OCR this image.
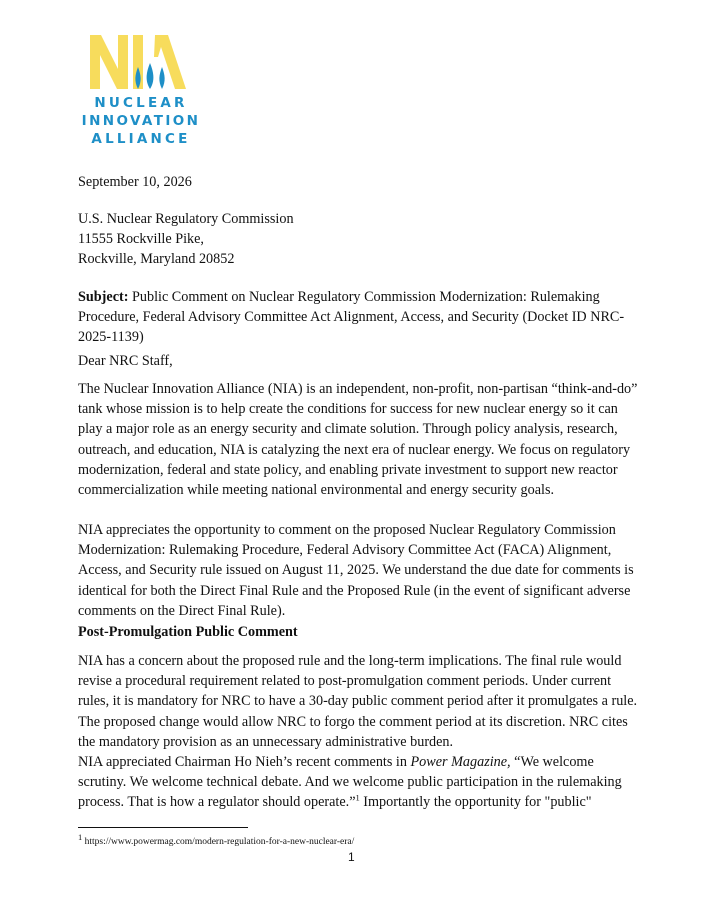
NUCLEAR
INNOVATION
ALLIANCE

September 10, 2026

U.S. Nuclear Regulatory Commission
11555 Rockville Pike,
Rockville, Maryland 20852

Subject: Public Comment on Nuclear Regulatory Commission Modernization: Rulemaking Procedure, Federal Advisory Committee Act Alignment, Access, and Security (Docket ID NRC-2025-1139)

Dear NRC Staff,

The Nuclear Innovation Alliance (NIA) is an independent, non-profit, non-partisan “think-and-do” tank whose mission is to help create the conditions for success for new nuclear energy so it can play a major role as an energy security and climate solution. Through policy analysis, research, outreach, and education, NIA is catalyzing the next era of nuclear energy. We focus on regulatory modernization, federal and state policy, and enabling private investment to support new reactor commercialization while meeting national environmental and energy security goals.

NIA appreciates the opportunity to comment on the proposed Nuclear Regulatory Commission Modernization: Rulemaking Procedure, Federal Advisory Committee Act (FACA) Alignment, Access, and Security rule issued on August 11, 2025. We understand the due date for comments is identical for both the Direct Final Rule and the Proposed Rule (in the event of significant adverse comments on the Direct Final Rule).

Post-Promulgation Public Comment

NIA has a concern about the proposed rule and the long-term implications. The final rule would revise a procedural requirement related to post-promulgation comment periods. Under current rules, it is mandatory for NRC to have a 30-day public comment period after it promulgates a rule. The proposed change would allow NRC to forgo the comment period at its discretion. NRC cites the mandatory provision as an unnecessary administrative burden.

NIA appreciated Chairman Ho Nieh’s recent comments in Power Magazine, “We welcome scrutiny. We welcome technical debate. And we welcome public participation in the rulemaking process. That is how a regulator should operate.”$^1$ Importantly the opportunity for "public"

$^1$ https://www.powermag.com/modern-regulation-for-a-new-nuclear-era/
1
